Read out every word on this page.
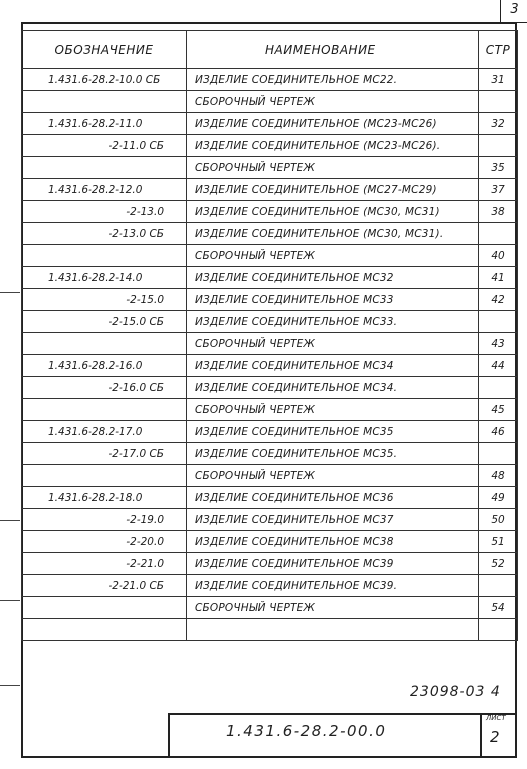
3
ОБОЗНАЧЕНИЕ	НАИМЕНОВАНИЕ	СТР
1.431.6-28.2-10.0 СБ	ИЗДЕЛИЕ СОЕДИНИТЕЛЬНОЕ МС22.	31
	СБОРОЧНЫЙ ЧЕРТЕЖ	
1.431.6-28.2-11.0	ИЗДЕЛИЕ СОЕДИНИТЕЛЬНОЕ (МС23-МС26)	32
-2-11.0 СБ	ИЗДЕЛИЕ СОЕДИНИТЕЛЬНОЕ (МС23-МС26).	
	СБОРОЧНЫЙ ЧЕРТЕЖ	35
1.431.6-28.2-12.0	ИЗДЕЛИЕ СОЕДИНИТЕЛЬНОЕ (МС27-МС29)	37
-2-13.0	ИЗДЕЛИЕ СОЕДИНИТЕЛЬНОЕ (МС30, МС31)	38
-2-13.0 СБ	ИЗДЕЛИЕ СОЕДИНИТЕЛЬНОЕ (МС30, МС31).	
	СБОРОЧНЫЙ ЧЕРТЕЖ	40
1.431.6-28.2-14.0	ИЗДЕЛИЕ СОЕДИНИТЕЛЬНОЕ МС32	41
-2-15.0	ИЗДЕЛИЕ СОЕДИНИТЕЛЬНОЕ МС33	42
-2-15.0 СБ	ИЗДЕЛИЕ СОЕДИНИТЕЛЬНОЕ МС33.	
	СБОРОЧНЫЙ ЧЕРТЕЖ	43
1.431.6-28.2-16.0	ИЗДЕЛИЕ СОЕДИНИТЕЛЬНОЕ МС34	44
-2-16.0 СБ	ИЗДЕЛИЕ СОЕДИНИТЕЛЬНОЕ МС34.	
	СБОРОЧНЫЙ ЧЕРТЕЖ	45
1.431.6-28.2-17.0	ИЗДЕЛИЕ СОЕДИНИТЕЛЬНОЕ МС35	46
-2-17.0 СБ	ИЗДЕЛИЕ СОЕДИНИТЕЛЬНОЕ МС35.	
	СБОРОЧНЫЙ ЧЕРТЕЖ	48
1.431.6-28.2-18.0	ИЗДЕЛИЕ СОЕДИНИТЕЛЬНОЕ МС36	49
-2-19.0	ИЗДЕЛИЕ СОЕДИНИТЕЛЬНОЕ МС37	50
-2-20.0	ИЗДЕЛИЕ СОЕДИНИТЕЛЬНОЕ МС38	51
-2-21.0	ИЗДЕЛИЕ СОЕДИНИТЕЛЬНОЕ МС39	52
-2-21.0 СБ	ИЗДЕЛИЕ СОЕДИНИТЕЛЬНОЕ МС39.	
	СБОРОЧНЫЙ ЧЕРТЕЖ	54

23098-03 4
1.431.6-28.2-00.0
ЛИСТ
2
